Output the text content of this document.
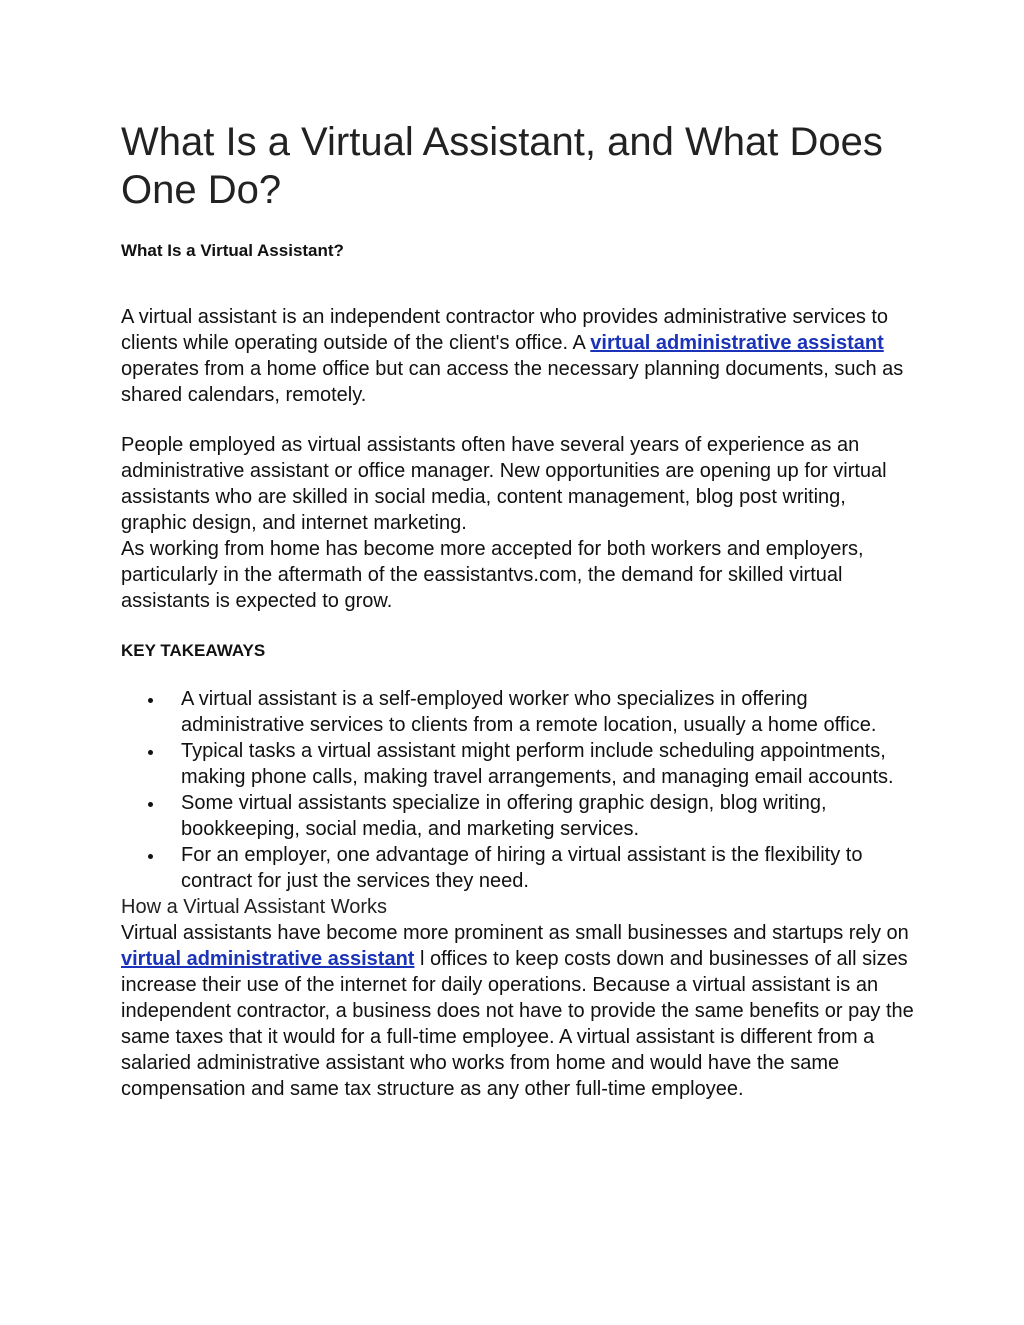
What Is a Virtual Assistant, and What Does One Do?
What Is a Virtual Assistant?

A virtual assistant is an independent contractor who provides administrative services to clients while operating outside of the client's office. A virtual administrative assistant operates from a home office but can access the necessary planning documents, such as shared calendars, remotely.

People employed as virtual assistants often have several years of experience as an administrative assistant or office manager. New opportunities are opening up for virtual assistants who are skilled in social media, content management, blog post writing, graphic design, and internet marketing.
As working from home has become more accepted for both workers and employers, particularly in the aftermath of the eassistantvs.com, the demand for skilled virtual assistants is expected to grow.

KEY TAKEAWAYS
A virtual assistant is a self-employed worker who specializes in offering administrative services to clients from a remote location, usually a home office.
Typical tasks a virtual assistant might perform include scheduling appointments, making phone calls, making travel arrangements, and managing email accounts.
Some virtual assistants specialize in offering graphic design, blog writing, bookkeeping, social media, and marketing services.
For an employer, one advantage of hiring a virtual assistant is the flexibility to contract for just the services they need.
How a Virtual Assistant Works

Virtual assistants have become more prominent as small businesses and startups rely on virtual administrative assistant l offices to keep costs down and businesses of all sizes increase their use of the internet for daily operations. Because a virtual assistant is an independent contractor, a business does not have to provide the same benefits or pay the same taxes that it would for a full-time employee. A virtual assistant is different from a salaried administrative assistant who works from home and would have the same compensation and same tax structure as any other full-time employee.
